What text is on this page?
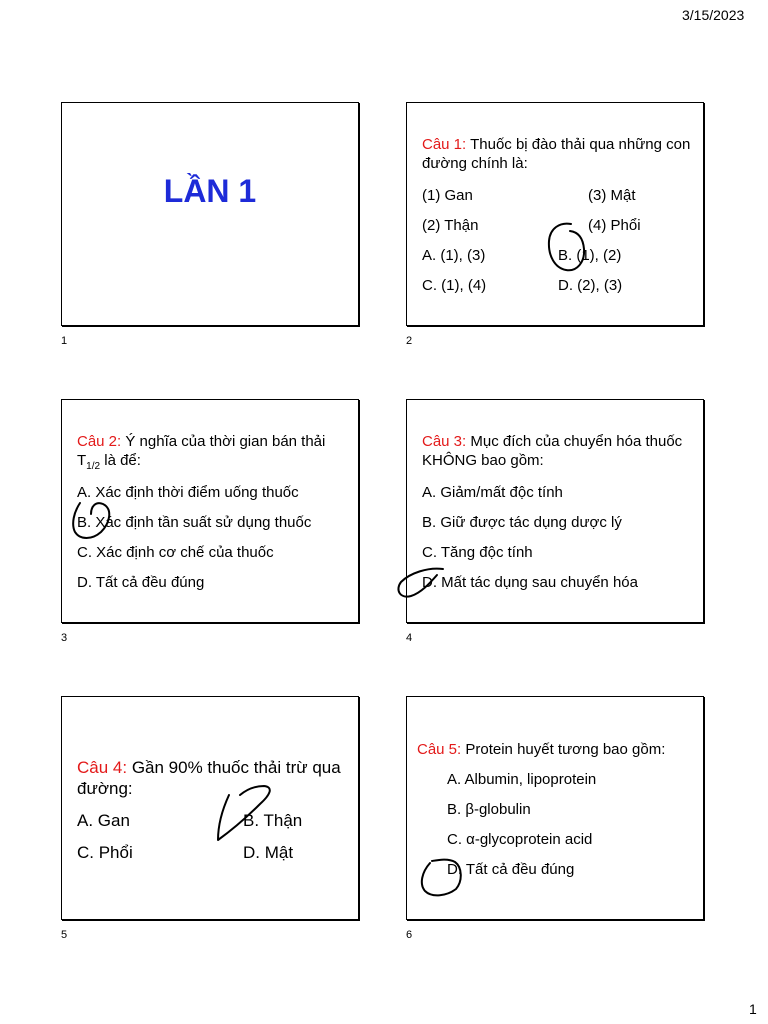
3/15/2023
LẦN 1
1
Câu 1: Thuốc bị đào thải qua những con đường chính là:
(1) Gan	(3) Mật
(2) Thận	(4) Phổi
A. (1), (3)	B. (1), (2)
C. (1), (4)	D. (2), (3)
2
Câu 2: Ý nghĩa của thời gian bán thải $T_{1/2}$ là để:
A. Xác định thời điểm uống thuốc
B. Xác định tần suất sử dụng thuốc
C. Xác định cơ chế của thuốc
D. Tất cả đều đúng
3
Câu 3: Mục đích của chuyển hóa thuốc KHÔNG bao gồm:
A. Giảm/mất độc tính
B. Giữ được tác dụng dược lý
C. Tăng độc tính
D. Mất tác dụng sau chuyển hóa
4
Câu 4: Gần 90% thuốc thải trừ qua đường:
A. Gan	B. Thận
C. Phổi	D. Mật
5
Câu 5: Protein huyết tương bao gồm:
A. Albumin, lipoprotein
B. β-globulin
C. α-glycoprotein acid
D. Tất cả đều đúng
6
1
